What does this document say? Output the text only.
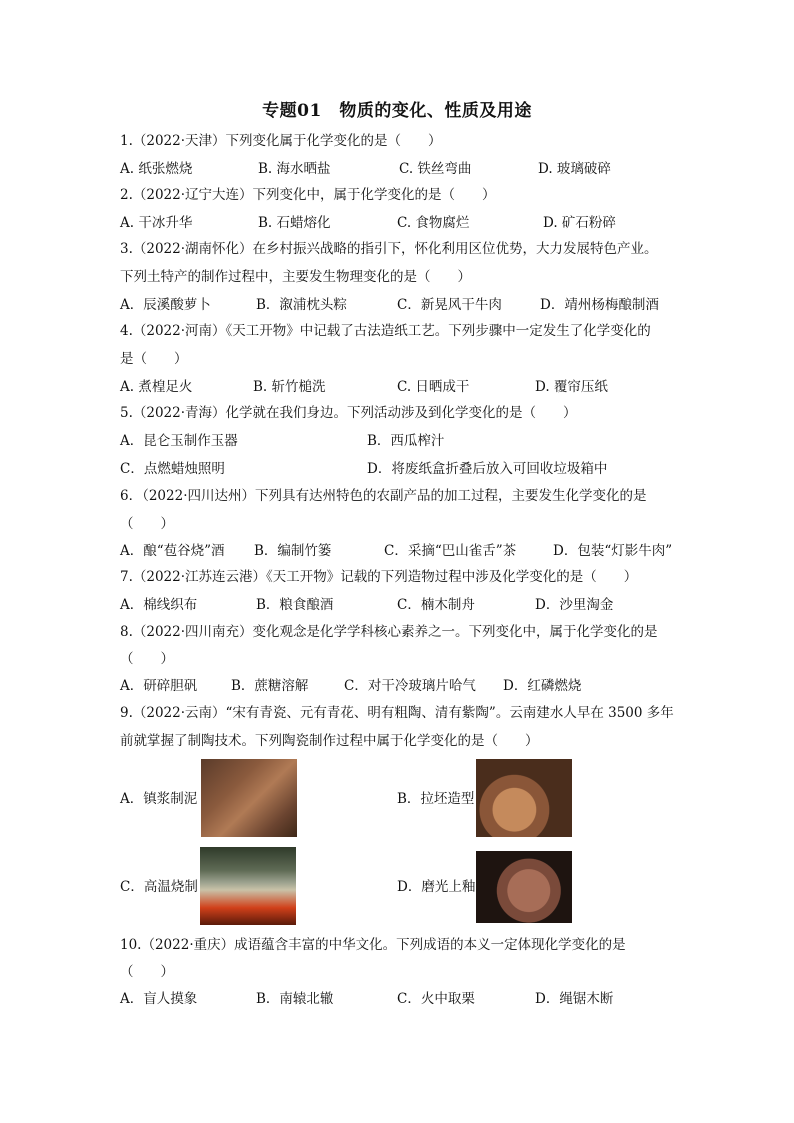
专题01　物质的变化、性质及用途
1.（2022·天津）下列变化属于化学变化的是（　　）
A. 纸张燃烧	B. 海水晒盐	C. 铁丝弯曲	D. 玻璃破碎
2.（2022·辽宁大连）下列变化中，属于化学变化的是（　　）
A. 干冰升华	B. 石蜡熔化	C. 食物腐烂	D. 矿石粉碎
3.（2022·湖南怀化）在乡村振兴战略的指引下，怀化利用区位优势，大力发展特色产业。
下列土特产的制作过程中，主要发生物理变化的是（　　）
A．辰溪酸萝卜	B．溆浦枕头粽	C．新晃风干牛肉	D．靖州杨梅酿制酒
4.（2022·河南）《天工开物》中记载了古法造纸工艺。下列步骤中一定发生了化学变化的
是（　　）
A. 煮楻足火	B. 斩竹槌洗	C. 日晒成干	D. 覆帘压纸
5.（2022·青海）化学就在我们身边。下列活动涉及到化学变化的是（　　）
A．昆仑玉制作玉器	B．西瓜榨汁
C．点燃蜡烛照明	D．将废纸盒折叠后放入可回收垃圾箱中
6．（2022·四川达州）下列具有达州特色的农副产品的加工过程，主要发生化学变化的是
（　　）
A．酿“苞谷烧”酒 B．编制竹篓	C．采摘“巴山雀舌”茶	D．包装“灯影牛肉”
7.（2022·江苏连云港）《天工开物》记载的下列造物过程中涉及化学变化的是（　　）
A．棉线织布	B．粮食酿酒	C．楠木制舟	D．沙里淘金
8.（2022·四川南充）变化观念是化学学科核心素养之一。下列变化中，属于化学变化的是
（　　）
A．研碎胆矾	B．蔗糖溶解	C．对干冷玻璃片哈气 D．红磷燃烧
9.（2022·云南）“宋有青瓷、元有青花、明有粗陶、清有紫陶”。云南建水人早在 3500 多年
前就掌握了制陶技术。下列陶瓷制作过程中属于化学变化的是（　　）
A．镇浆制泥	B．拉坯造型
C．高温烧制	D．磨光上釉
10.（2022·重庆）成语蕴含丰富的中华文化。下列成语的本义一定体现化学变化的是
（　　）
A．盲人摸象	B．南辕北辙	C．火中取栗	D．绳锯木断
